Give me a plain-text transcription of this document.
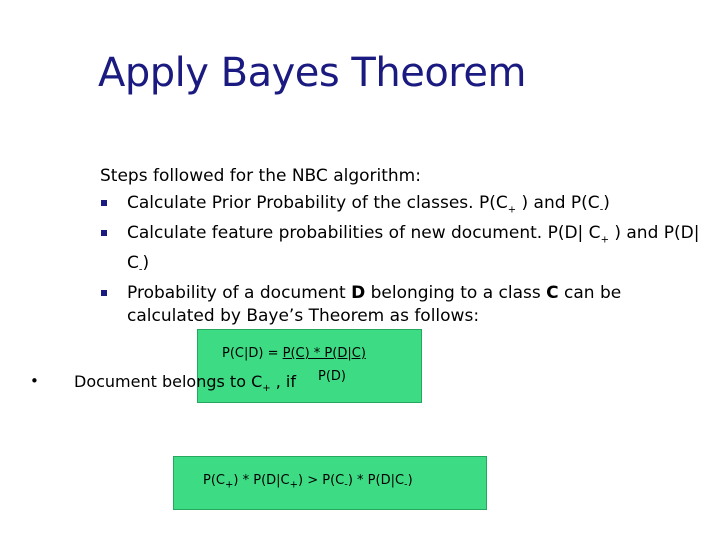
Apply Bayes Theorem
Steps followed for the NBC algorithm:
Calculate Prior Probability of the classes. $P(C_+$ ) and $P(C_-)$
Calculate feature probabilities of new document. P(D| $C_+$ ) and P(D| $C_-$)
Probability of a document D belonging to a class C can be calculated by Baye’s Theorem as follows:
P(C|D) = P(C) * P(D|C)
P(D)
• Document belongs to $C_+$ , if
$P(C_+) * P(D|C_+) > P(C_-) * P(D|C_-)$
